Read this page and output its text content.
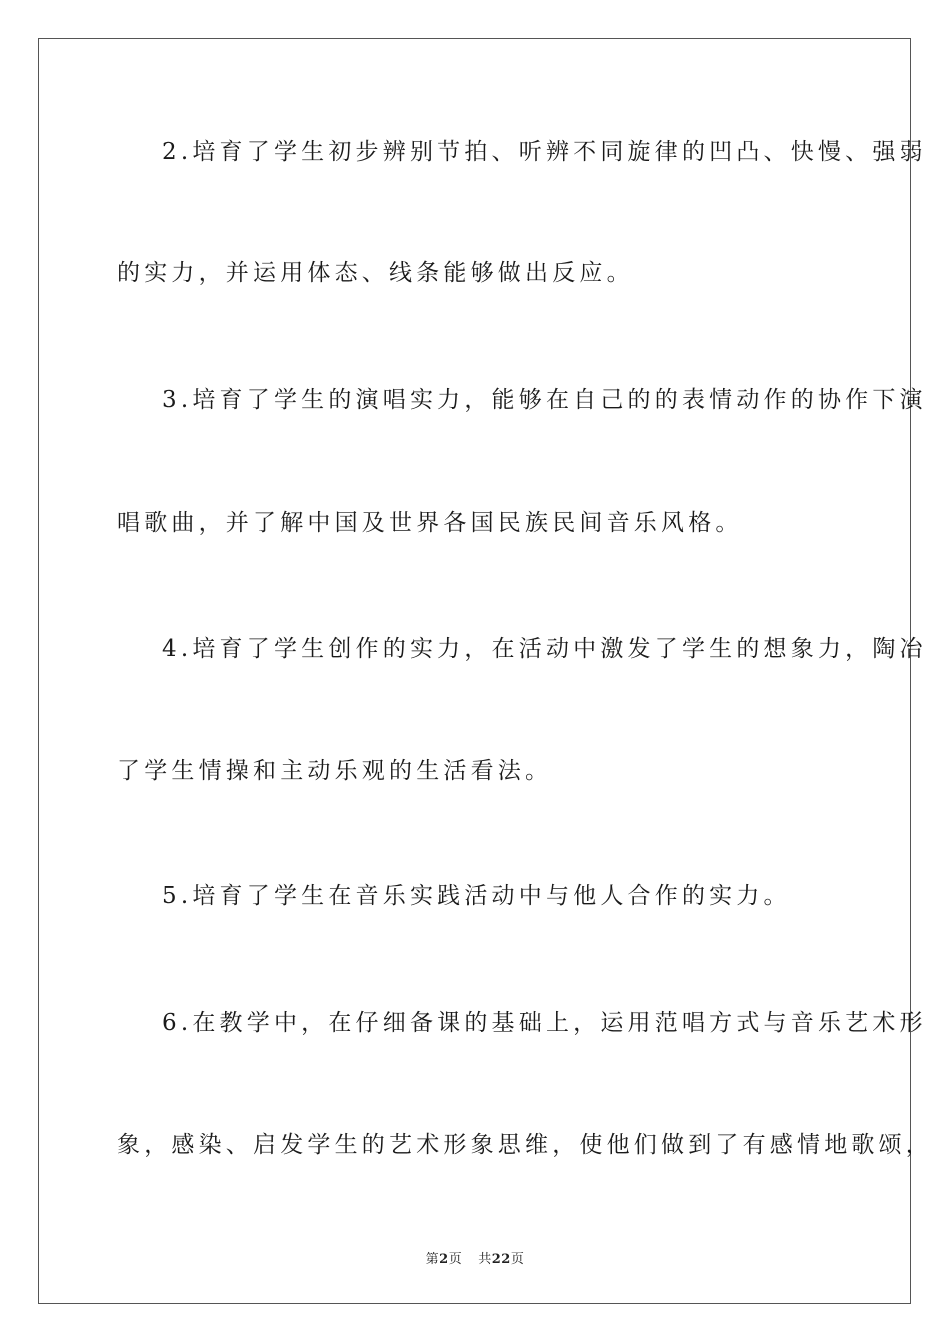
2.培育了学生初步辨别节拍、听辨不同旋律的凹凸、快慢、强弱
的实力，并运用体态、线条能够做出反应。
3.培育了学生的演唱实力，能够在自己的的表情动作的协作下演
唱歌曲，并了解中国及世界各国民族民间音乐风格。
4.培育了学生创作的实力，在活动中激发了学生的想象力，陶冶
了学生情操和主动乐观的生活看法。
5.培育了学生在音乐实践活动中与他人合作的实力。
6.在教学中，在仔细备课的基础上，运用范唱方式与音乐艺术形
象，感染、启发学生的艺术形象思维，使他们做到了有感情地歌颂，
第2页 共22页
